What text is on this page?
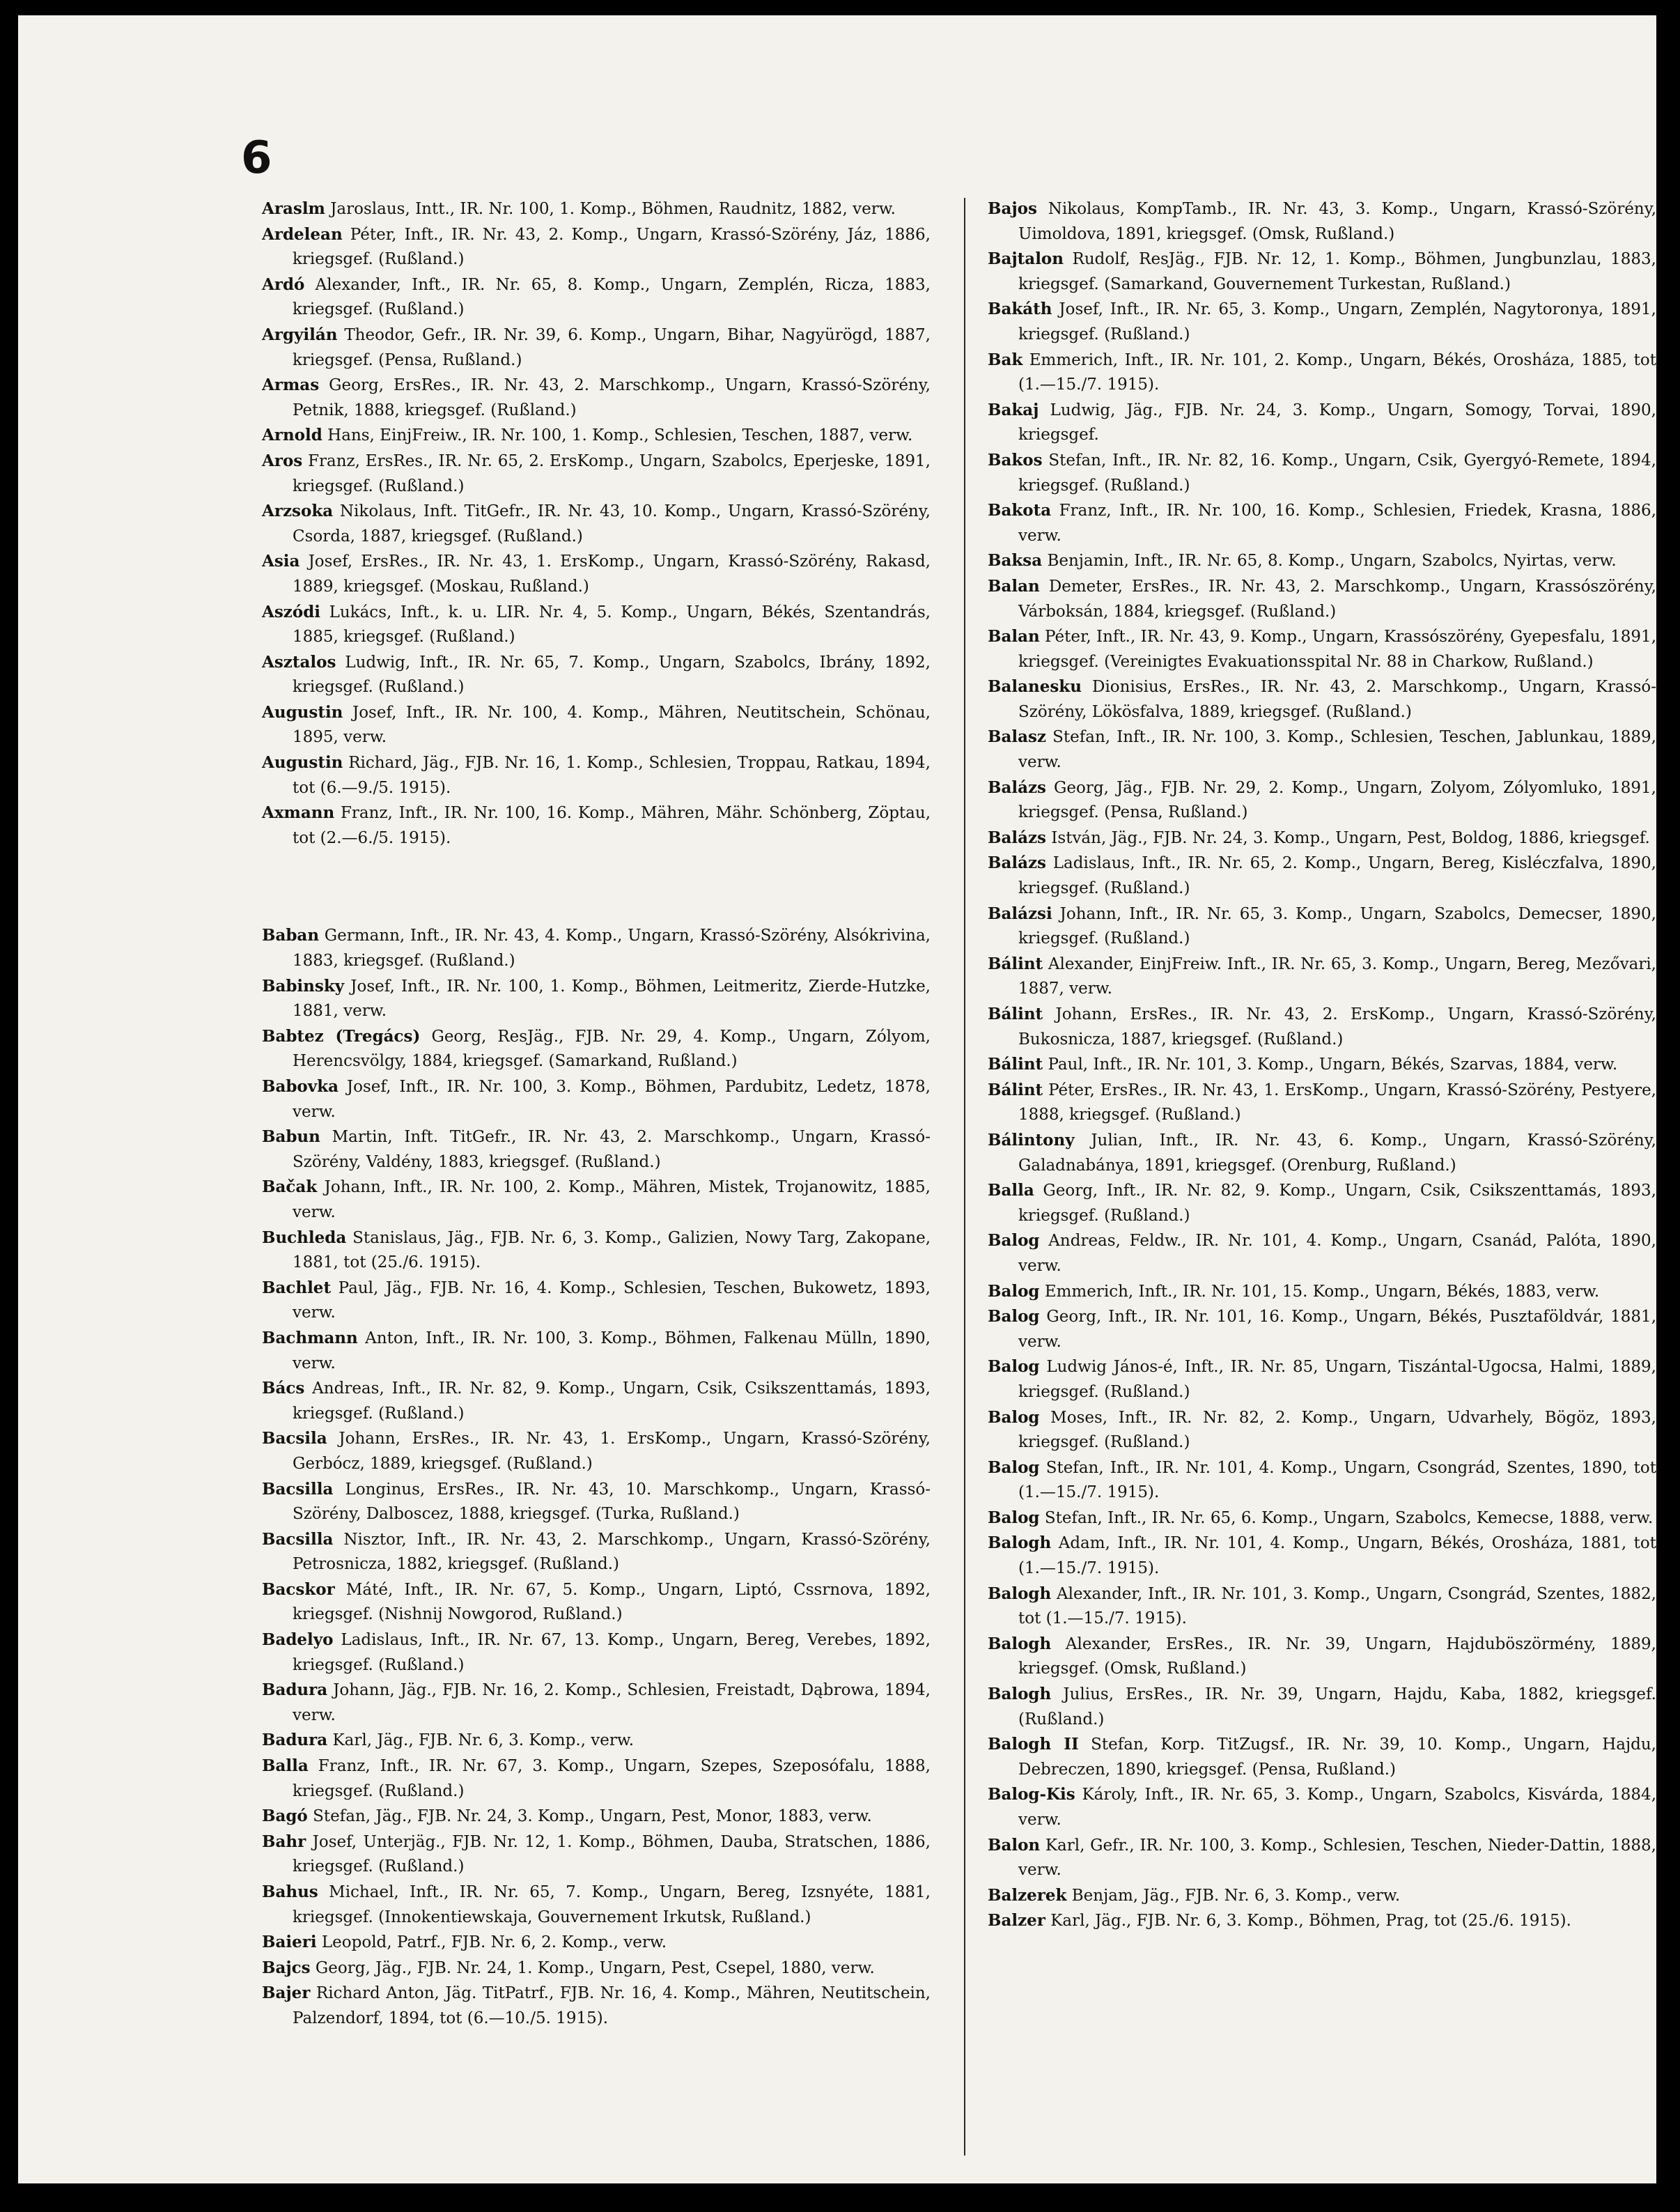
6
Araslm Jaroslaus, Intt., IR. Nr. 100, 1. Komp., Böhmen, Raudnitz, 1882, verw.
Ardelean Péter, Inft., IR. Nr. 43, 2. Komp., Ungarn, Krassó-Szörény, Jáz, 1886, kriegsgef. (Rußland.)
Ardó Alexander, Inft., IR. Nr. 65, 8. Komp., Ungarn, Zemplén, Ricza, 1883, kriegsgef. (Rußland.)
Argyilán Theodor, Gefr., IR. Nr. 39, 6. Komp., Ungarn, Bihar, Nagyürögd, 1887, kriegsgef. (Pensa, Rußland.)
Armas Georg, ErsRes., IR. Nr. 43, 2. Marschkomp., Ungarn, Krassó-Szörény, Petnik, 1888, kriegsgef. (Rußland.)
Arnold Hans, EinjFreiw., IR. Nr. 100, 1. Komp., Schlesien, Teschen, 1887, verw.
Aros Franz, ErsRes., IR. Nr. 65, 2. ErsKomp., Ungarn, Szabolcs, Eperjeske, 1891, kriegsgef. (Rußland.)
Arzsoka Nikolaus, Inft. TitGefr., IR. Nr. 43, 10. Komp., Ungarn, Krassó-Szörény, Csorda, 1887, kriegsgef. (Rußland.)
Asia Josef, ErsRes., IR. Nr. 43, 1. ErsKomp., Ungarn, Krassó-Szörény, Rakasd, 1889, kriegsgef. (Moskau, Rußland.)
Aszódi Lukács, Inft., k. u. LIR. Nr. 4, 5. Komp., Ungarn, Békés, Szentandrás, 1885, kriegsgef. (Rußland.)
Asztalos Ludwig, Inft., IR. Nr. 65, 7. Komp., Ungarn, Szabolcs, Ibrány, 1892, kriegsgef. (Rußland.)
Augustin Josef, Inft., IR. Nr. 100, 4. Komp., Mähren, Neutitschein, Schönau, 1895, verw.
Augustin Richard, Jäg., FJB. Nr. 16, 1. Komp., Schlesien, Troppau, Ratkau, 1894, tot (6.—9./5. 1915).
Axmann Franz, Inft., IR. Nr. 100, 16. Komp., Mähren, Mähr. Schönberg, Zöptau, tot (2.—6./5. 1915).
Baban Germann, Inft., IR. Nr. 43, 4. Komp., Ungarn, Krassó-Szörény, Alsókrivina, 1883, kriegsgef. (Rußland.)
Babinsky Josef, Inft., IR. Nr. 100, 1. Komp., Böhmen, Leitmeritz, Zierde-Hutzke, 1881, verw.
Babtez (Tregács) Georg, ResJäg., FJB. Nr. 29, 4. Komp., Ungarn, Zólyom, Herencsvölgy, 1884, kriegsgef. (Samarkand, Rußland.)
Babovka Josef, Inft., IR. Nr. 100, 3. Komp., Böhmen, Pardubitz, Ledetz, 1878, verw.
Babun Martin, Inft. TitGefr., IR. Nr. 43, 2. Marschkomp., Ungarn, Krassó-Szörény, Valdény, 1883, kriegsgef. (Rußland.)
Bačak Johann, Inft., IR. Nr. 100, 2. Komp., Mähren, Mistek, Trojanowitz, 1885, verw.
Buchleda Stanislaus, Jäg., FJB. Nr. 6, 3. Komp., Galizien, Nowy Targ, Zakopane, 1881, tot (25./6. 1915).
Bachlet Paul, Jäg., FJB. Nr. 16, 4. Komp., Schlesien, Teschen, Bukowetz, 1893, verw.
Bachmann Anton, Inft., IR. Nr. 100, 3. Komp., Böhmen, Falkenau Mülln, 1890, verw.
Bács Andreas, Inft., IR. Nr. 82, 9. Komp., Ungarn, Csik, Csikszenttamás, 1893, kriegsgef. (Rußland.)
Bacsila Johann, ErsRes., IR. Nr. 43, 1. ErsKomp., Ungarn, Krassó-Szörény, Gerbócz, 1889, kriegsgef. (Rußland.)
Bacsilla Longinus, ErsRes., IR. Nr. 43, 10. Marschkomp., Ungarn, Krassó-Szörény, Dalboscez, 1888, kriegsgef. (Turka, Rußland.)
Bacsilla Nisztor, Inft., IR. Nr. 43, 2. Marschkomp., Ungarn, Krassó-Szörény, Petrosnicza, 1882, kriegsgef. (Rußland.)
Bacskor Máté, Inft., IR. Nr. 67, 5. Komp., Ungarn, Liptó, Cssrnova, 1892, kriegsgef. (Nishnij Nowgorod, Rußland.)
Badelyo Ladislaus, Inft., IR. Nr. 67, 13. Komp., Ungarn, Bereg, Verebes, 1892, kriegsgef. (Rußland.)
Badura Johann, Jäg., FJB. Nr. 16, 2. Komp., Schlesien, Freistadt, Dąbrowa, 1894, verw.
Badura Karl, Jäg., FJB. Nr. 6, 3. Komp., verw.
Balla Franz, Inft., IR. Nr. 67, 3. Komp., Ungarn, Szepes, Szeposófalu, 1888, kriegsgef. (Rußland.)
Bagó Stefan, Jäg., FJB. Nr. 24, 3. Komp., Ungarn, Pest, Monor, 1883, verw.
Bahr Josef, Unterjäg., FJB. Nr. 12, 1. Komp., Böhmen, Dauba, Stratschen, 1886, kriegsgef. (Rußland.)
Bahus Michael, Inft., IR. Nr. 65, 7. Komp., Ungarn, Bereg, Izsnyéte, 1881, kriegsgef. (Innokentiewskaja, Gouvernement Irkutsk, Rußland.)
Baieri Leopold, Patrf., FJB. Nr. 6, 2. Komp., verw.
Bajcs Georg, Jäg., FJB. Nr. 24, 1. Komp., Ungarn, Pest, Csepel, 1880, verw.
Bajer Richard Anton, Jäg. TitPatrf., FJB. Nr. 16, 4. Komp., Mähren, Neutitschein, Palzendorf, 1894, tot (6.—10./5. 1915).
Bajos Nikolaus, KompTamb., IR. Nr. 43, 3. Komp., Ungarn, Krassó-Szörény, Uimoldova, 1891, kriegsgef. (Omsk, Rußland.)
Bajtalon Rudolf, ResJäg., FJB. Nr. 12, 1. Komp., Böhmen, Jungbunzlau, 1883, kriegsgef. (Samarkand, Gouvernement Turkestan, Rußland.)
Bakáth Josef, Inft., IR. Nr. 65, 3. Komp., Ungarn, Zemplén, Nagytoronya, 1891, kriegsgef. (Rußland.)
Bak Emmerich, Inft., IR. Nr. 101, 2. Komp., Ungarn, Békés, Orosháza, 1885, tot (1.—15./7. 1915).
Bakaj Ludwig, Jäg., FJB. Nr. 24, 3. Komp., Ungarn, Somogy, Torvai, 1890, kriegsgef.
Bakos Stefan, Inft., IR. Nr. 82, 16. Komp., Ungarn, Csik, Gyergyó-Remete, 1894, kriegsgef. (Rußland.)
Bakota Franz, Inft., IR. Nr. 100, 16. Komp., Schlesien, Friedek, Krasna, 1886, verw.
Baksa Benjamin, Inft., IR. Nr. 65, 8. Komp., Ungarn, Szabolcs, Nyirtas, verw.
Balan Demeter, ErsRes., IR. Nr. 43, 2. Marschkomp., Ungarn, Krassószörény, Várboksán, 1884, kriegsgef. (Rußland.)
Balan Péter, Inft., IR. Nr. 43, 9. Komp., Ungarn, Krassószörény, Gyepesfalu, 1891, kriegsgef. (Vereinigtes Evakuationsspital Nr. 88 in Charkow, Rußland.)
Balanesku Dionisius, ErsRes., IR. Nr. 43, 2. Marschkomp., Ungarn, Krassó-Szörény, Lökösfalva, 1889, kriegsgef. (Rußland.)
Balasz Stefan, Inft., IR. Nr. 100, 3. Komp., Schlesien, Teschen, Jablunkau, 1889, verw.
Balázs Georg, Jäg., FJB. Nr. 29, 2. Komp., Ungarn, Zolyom, Zólyomluko, 1891, kriegsgef. (Pensa, Rußland.)
Balázs István, Jäg., FJB. Nr. 24, 3. Komp., Ungarn, Pest, Boldog, 1886, kriegsgef.
Balázs Ladislaus, Inft., IR. Nr. 65, 2. Komp., Ungarn, Bereg, Kisléczfalva, 1890, kriegsgef. (Rußland.)
Balázsi Johann, Inft., IR. Nr. 65, 3. Komp., Ungarn, Szabolcs, Demecser, 1890, kriegsgef. (Rußland.)
Bálint Alexander, EinjFreiw. Inft., IR. Nr. 65, 3. Komp., Ungarn, Bereg, Mezővari, 1887, verw.
Bálint Johann, ErsRes., IR. Nr. 43, 2. ErsKomp., Ungarn, Krassó-Szörény, Bukosnicza, 1887, kriegsgef. (Rußland.)
Bálint Paul, Inft., IR. Nr. 101, 3. Komp., Ungarn, Békés, Szarvas, 1884, verw.
Bálint Péter, ErsRes., IR. Nr. 43, 1. ErsKomp., Ungarn, Krassó-Szörény, Pestyere, 1888, kriegsgef. (Rußland.)
Bálintony Julian, Inft., IR. Nr. 43, 6. Komp., Ungarn, Krassó-Szörény, Galadnabánya, 1891, kriegsgef. (Orenburg, Rußland.)
Balla Georg, Inft., IR. Nr. 82, 9. Komp., Ungarn, Csik, Csikszenttamás, 1893, kriegsgef. (Rußland.)
Balog Andreas, Feldw., IR. Nr. 101, 4. Komp., Ungarn, Csanád, Palóta, 1890, verw.
Balog Emmerich, Inft., IR. Nr. 101, 15. Komp., Ungarn, Békés, 1883, verw.
Balog Georg, Inft., IR. Nr. 101, 16. Komp., Ungarn, Békés, Pusztaföldvár, 1881, verw.
Balog Ludwig János-é, Inft., IR. Nr. 85, Ungarn, Tiszántal-Ugocsa, Halmi, 1889, kriegsgef. (Rußland.)
Balog Moses, Inft., IR. Nr. 82, 2. Komp., Ungarn, Udvarhely, Bögöz, 1893, kriegsgef. (Rußland.)
Balog Stefan, Inft., IR. Nr. 101, 4. Komp., Ungarn, Csongrád, Szentes, 1890, tot (1.—15./7. 1915).
Balog Stefan, Inft., IR. Nr. 65, 6. Komp., Ungarn, Szabolcs, Kemecse, 1888, verw.
Balogh Adam, Inft., IR. Nr. 101, 4. Komp., Ungarn, Békés, Orosháza, 1881, tot (1.—15./7. 1915).
Balogh Alexander, Inft., IR. Nr. 101, 3. Komp., Ungarn, Csongrád, Szentes, 1882, tot (1.—15./7. 1915).
Balogh Alexander, ErsRes., IR. Nr. 39, Ungarn, Hajduböszörmény, 1889, kriegsgef. (Omsk, Rußland.)
Balogh Julius, ErsRes., IR. Nr. 39, Ungarn, Hajdu, Kaba, 1882, kriegsgef. (Rußland.)
Balogh II Stefan, Korp. TitZugsf., IR. Nr. 39, 10. Komp., Ungarn, Hajdu, Debreczen, 1890, kriegsgef. (Pensa, Rußland.)
Balog-Kis Károly, Inft., IR. Nr. 65, 3. Komp., Ungarn, Szabolcs, Kisvárda, 1884, verw.
Balon Karl, Gefr., IR. Nr. 100, 3. Komp., Schlesien, Teschen, Nieder-Dattin, 1888, verw.
Balzerek Benjam, Jäg., FJB. Nr. 6, 3. Komp., verw.
Balzer Karl, Jäg., FJB. Nr. 6, 3. Komp., Böhmen, Prag, tot (25./6. 1915).
